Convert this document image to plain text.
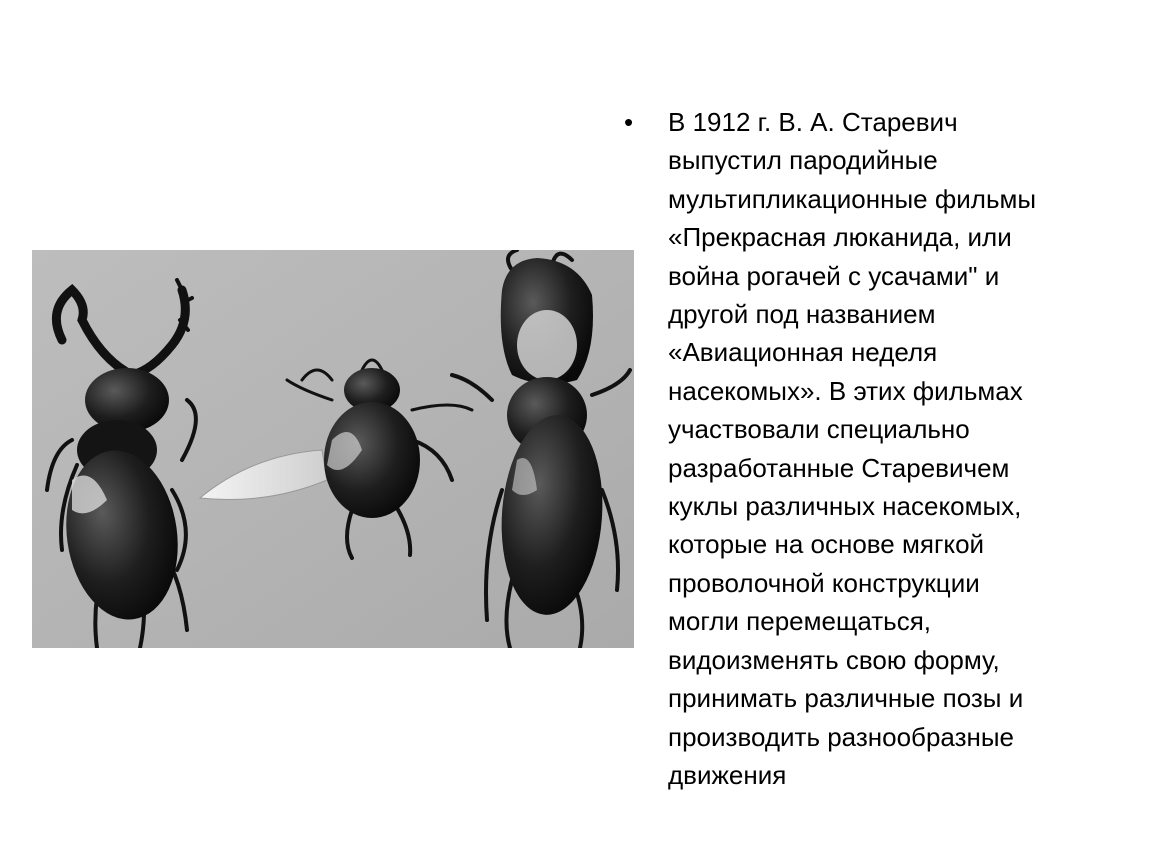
• В 1912 г. В. А. Старевич
выпустил пародийные
мультипликационные фильмы
«Прекрасная люканида, или
война рогачей с усачами" и
другой под названием
«Авиационная неделя
насекомых». В этих фильмах
участвовали специально
разработанные Старевичем
куклы различных насекомых,
которые на основе мягкой
проволочной конструкции
могли перемещаться,
видоизменять свою форму,
принимать различные позы и
производить разнообразные
движения
